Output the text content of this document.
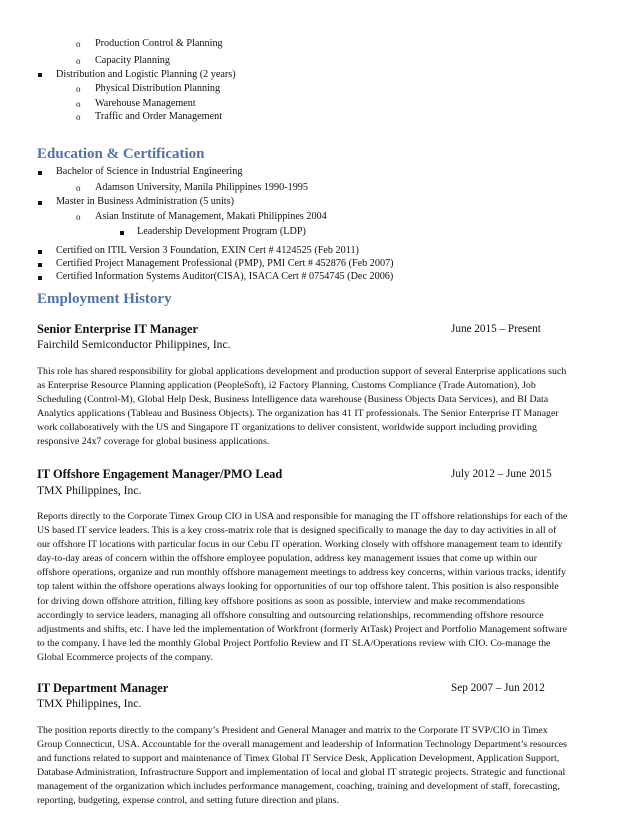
o Production Control & Planning
o Capacity Planning
Distribution and Logistic Planning (2 years)
o Physical Distribution Planning
o Warehouse Management
o Traffic and Order Management
Education & Certification
Bachelor of Science in Industrial Engineering
o Adamson University, Manila Philippines 1990-1995
Master in Business Administration (5 units)
o Asian Institute of Management, Makati Philippines 2004
Leadership Development Program (LDP)
Certified on ITIL Version 3 Foundation, EXIN Cert # 4124525 (Feb 2011)
Certified Project Management Professional (PMP), PMI Cert # 452876 (Feb 2007)
Certified Information Systems Auditor(CISA), ISACA Cert # 0754745 (Dec 2006)
Employment History
Senior Enterprise IT Manager	June 2015 – Present
Fairchild Semiconductor Philippines, Inc.
This role has shared responsibility for global applications development and production support of several Enterprise applications such
as Enterprise Resource Planning application (PeopleSoft), i2 Factory Planning, Customs Compliance (Trade Automation), Job
Scheduling (Control-M), Global Help Desk, Business Intelligence data warehouse (Business Objects Data Services), and BI Data
Analytics applications (Tableau and Business Objects). The organization has 41 IT professionals. The Senior Enterprise IT Manager
work collaboratively with the US and Singapore IT organizations to deliver consistent, worldwide support including providing
responsive 24x7 coverage for global business applications.
IT Offshore Engagement Manager/PMO Lead	July 2012 – June 2015
TMX Philippines, Inc.
Reports directly to the Corporate Timex Group CIO in USA and responsible for managing the IT offshore relationships for each of the
US based IT service leaders. This is a key cross-matrix role that is designed specifically to manage the day to day activities in all of
our offshore IT locations with particular focus in our Cebu IT operation. Working closely with offshore management team to identify
day-to-day areas of concern within the offshore employee population, address key management issues that come up within our
offshore operations, organize and run monthly offshore management meetings to address key concerns, within various tracks, identify
top talent within the offshore operations always looking for opportunities of our top offshore talent. This position is also responsible
for driving down offshore attrition, filling key offshore positions as soon as possible, interview and make recommendations
accordingly to service leaders, managing all offshore consulting and outsourcing relationships, recommending offshore resource
adjustments and shifts, etc. I have led the implementation of Workfront (formerly AtTask) Project and Portfolio Management software
to the company. I have led the monthly Global Project Portfolio Review and IT SLA/Operations review with CIO. Co-manage the
Global Ecommerce projects of the company.
IT Department Manager	Sep 2007 – Jun 2012
TMX Philippines, Inc.
The position reports directly to the company’s President and General Manager and matrix to the Corporate IT SVP/CIO in Timex
Group Connecticut, USA. Accountable for the overall management and leadership of Information Technology Department’s resources
and functions related to support and maintenance of Timex Global IT Service Desk, Application Development, Application Support,
Database Administration, Infrastructure Support and implementation of local and global IT strategic projects. Strategic and functional
management of the organization which includes performance management, coaching, training and development of staff, forecasting,
reporting, budgeting, expense control, and setting future direction and plans.
